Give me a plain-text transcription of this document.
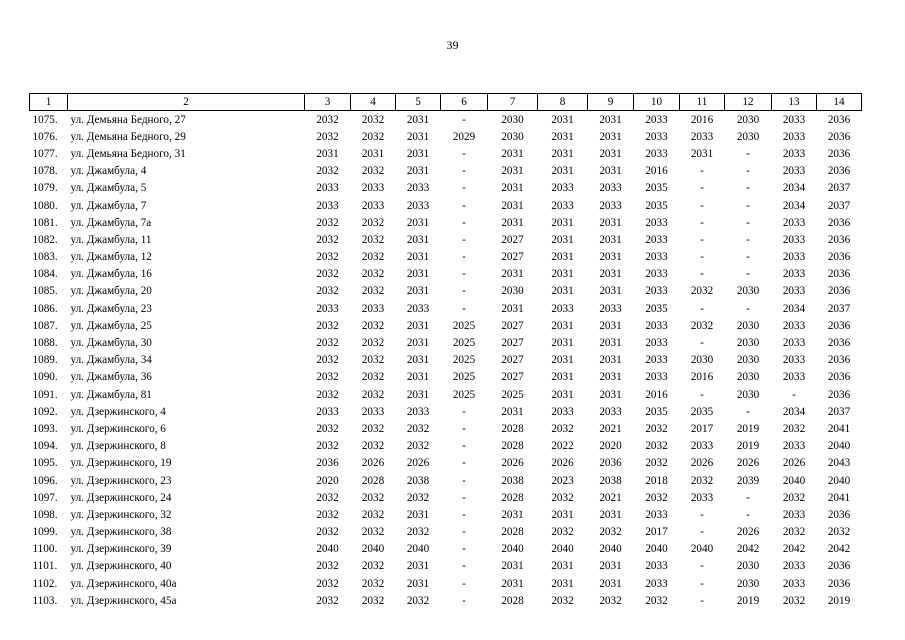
39
1	2	3	4	5	6	7	8	9	10	11	12	13	14
1075.	ул. Демьяна Бедного, 27	2032	2032	2031	-	2030	2031	2031	2033	2016	2030	2033	2036
1076.	ул. Демьяна Бедного, 29	2032	2032	2031	2029	2030	2031	2031	2033	2033	2030	2033	2036
1077.	ул. Демьяна Бедного, 31	2031	2031	2031	-	2031	2031	2031	2033	2031	-	2033	2036
1078.	ул. Джамбула, 4	2032	2032	2031	-	2031	2031	2031	2016	-	-	2033	2036
1079.	ул. Джамбула, 5	2033	2033	2033	-	2031	2033	2033	2035	-	-	2034	2037
1080.	ул. Джамбула, 7	2033	2033	2033	-	2031	2033	2033	2035	-	-	2034	2037
1081.	ул. Джамбула, 7а	2032	2032	2031	-	2031	2031	2031	2033	-	-	2033	2036
1082.	ул. Джамбула, 11	2032	2032	2031	-	2027	2031	2031	2033	-	-	2033	2036
1083.	ул. Джамбула, 12	2032	2032	2031	-	2027	2031	2031	2033	-	-	2033	2036
1084.	ул. Джамбула, 16	2032	2032	2031	-	2031	2031	2031	2033	-	-	2033	2036
1085.	ул. Джамбула, 20	2032	2032	2031	-	2030	2031	2031	2033	2032	2030	2033	2036
1086.	ул. Джамбула, 23	2033	2033	2033	-	2031	2033	2033	2035	-	-	2034	2037
1087.	ул. Джамбула, 25	2032	2032	2031	2025	2027	2031	2031	2033	2032	2030	2033	2036
1088.	ул. Джамбула, 30	2032	2032	2031	2025	2027	2031	2031	2033	-	2030	2033	2036
1089.	ул. Джамбула, 34	2032	2032	2031	2025	2027	2031	2031	2033	2030	2030	2033	2036
1090.	ул. Джамбула, 36	2032	2032	2031	2025	2027	2031	2031	2033	2016	2030	2033	2036
1091.	ул. Джамбула, 81	2032	2032	2031	2025	2025	2031	2031	2016	-	2030	-	2036
1092.	ул. Дзержинского, 4	2033	2033	2033	-	2031	2033	2033	2035	2035	-	2034	2037
1093.	ул. Дзержинского, 6	2032	2032	2032	-	2028	2032	2021	2032	2017	2019	2032	2041
1094.	ул. Дзержинского, 8	2032	2032	2032	-	2028	2022	2020	2032	2033	2019	2033	2040
1095.	ул. Дзержинского, 19	2036	2026	2026	-	2026	2026	2036	2032	2026	2026	2026	2043
1096.	ул. Дзержинского, 23	2020	2028	2038	-	2038	2023	2038	2018	2032	2039	2040	2040
1097.	ул. Дзержинского, 24	2032	2032	2032	-	2028	2032	2021	2032	2033	-	2032	2041
1098.	ул. Дзержинского, 32	2032	2032	2031	-	2031	2031	2031	2033	-	-	2033	2036
1099.	ул. Дзержинского, 38	2032	2032	2032	-	2028	2032	2032	2017	-	2026	2032	2032
1100.	ул. Дзержинского, 39	2040	2040	2040	-	2040	2040	2040	2040	2040	2042	2042	2042
1101.	ул. Дзержинского, 40	2032	2032	2031	-	2031	2031	2031	2033	-	2030	2033	2036
1102.	ул. Дзержинского, 40а	2032	2032	2031	-	2031	2031	2031	2033	-	2030	2033	2036
1103.	ул. Дзержинского, 45а	2032	2032	2032	-	2028	2032	2032	2032	-	2019	2032	2019
